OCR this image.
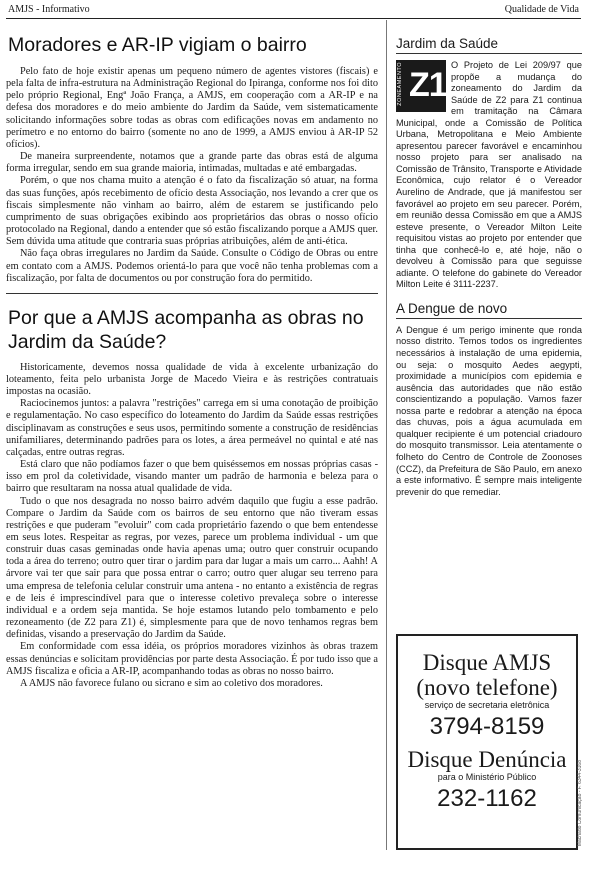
AMJS - Informativo	Qualidade de Vida
Moradores e AR-IP vigiam o bairro

Pelo fato de hoje existir apenas um pequeno número de agentes vistores (fiscais) e pela falta de infra-estrutura na Administração Regional do Ipiranga, conforme nos foi dito pelo próprio Regional, Engª João França, a AMJS, em cooperação com a AR-IP e na defesa dos moradores e do meio ambiente do Jardim da Saúde, vem sistematicamente solicitando informações sobre todas as obras com edificações novas em andamento no perímetro e no entorno do bairro (somente no ano de 1999, a AMJS enviou à AR-IP 52 ofícios).

De maneira surpreendente, notamos que a grande parte das obras está de alguma forma irregular, sendo em sua grande maioria, intimadas, multadas e até embargadas.

Porém, o que nos chama muito a atenção é o fato da fiscalização só atuar, na forma das suas funções, após recebimento de ofício desta Associação, nos levando a crer que os fiscais simplesmente não vinham ao bairro, além de estarem se justificando pelo cumprimento de suas obrigações exibindo aos proprietários das obras o nosso ofício protocolado na Regional, dando a entender que só estão fiscalizando porque a AMJS quer. Sem dúvida uma atitude que contraria suas próprias atribuições, além de anti-ética.

Não faça obras irregulares no Jardim da Saúde. Consulte o Código de Obras ou entre em contato com a AMJS. Podemos orientá-lo para que você não tenha problemas com a fiscalização, por falta de documentos ou por construção fora do permitido.

Por que a AMJS acompanha as obras no Jardim da Saúde?

Historicamente, devemos nossa qualidade de vida à excelente urbanização do loteamento, feita pelo urbanista Jorge de Macedo Vieira e às restrições contratuais impostas na ocasião.

Raciocinemos juntos: a palavra "restrições" carrega em si uma conotação de proibição e regulamentação. No caso específico do loteamento do Jardim da Saúde essas restrições disciplinavam as construções e seus usos, permitindo somente a construção de residências unifamiliares, determinando padrões para os lotes, a área permeável no quintal e até nas calçadas, entre outras regras.

Está claro que não podíamos fazer o que bem quiséssemos em nossas próprias casas - isso em prol da coletividade, visando manter um padrão de harmonia e beleza para o bairro que resultaram na nossa atual qualidade de vida.

Tudo o que nos desagrada no nosso bairro advém daquilo que fugiu a esse padrão. Compare o Jardim da Saúde com os bairros de seu entorno que não tiveram essas restrições e que puderam "evoluir" com cada proprietário fazendo o que bem entendesse em seus lotes. Respeitar as regras, por vezes, parece um problema individual - um que construir duas casas geminadas onde havia apenas uma; outro quer construir ocupando toda a área do terreno; outro quer tirar o jardim para dar lugar a mais um carro... Aahh! A árvore vai ter que sair para que possa entrar o carro; outro quer alugar seu terreno para uma empresa de telefonia celular construir uma antena - no entanto a existência de regras e de leis é imprescindível para que o interesse coletivo prevaleça sobre o interesse individual e a ordem seja mantida. Se hoje estamos lutando pelo tombamento e pelo rezoneamento (de Z2 para Z1) é, simplesmente para que de novo tenhamos regras bem definidas, visando a preservação do Jardim da Saúde.

Em conformidade com essa idéia, os próprios moradores vizinhos às obras trazem essas denúncias e solicitam providências por parte desta Associação. É por tudo isso que a AMJS fiscaliza e oficia a AR-IP, acompanhando todas as obras no nosso bairro.

A AMJS não favorece fulano ou sicrano e sim ao coletivo dos moradores.

Jardim da Saúde
ZONEAMENTO Z1

O Projeto de Lei 209/97 que propõe a mudança do zoneamento do Jardim da Saúde de Z2 para Z1 continua em tramitação na Câmara Municipal, onde a Comissão de Política Urbana, Metropolitana e Meio Ambiente apresentou parecer favorável e encaminhou nosso projeto para ser analisado na Comissão de Trânsito, Transporte e Atividade Econômica, cujo relator é o Vereador Aurelino de Andrade, que já manifestou ser favorável ao projeto em seu parecer. Porém, em reunião dessa Comissão em que a AMJS esteve presente, o Vereador Milton Leite requisitou vistas ao projeto por entender que tinha que conhecê-lo e, até hoje, não o devolveu à Comissão para que seguisse adiante. O telefone do gabinete do Vereador Milton Leite é 3111-2237.

A Dengue de novo

A Dengue é um perigo iminente que ronda nosso distrito. Temos todos os ingredientes necessários à instalação de uma epidemia, ou seja: o mosquito Aedes aegypti, proximidade a municípios com epidemia e ausência das autoridades que não estão conscientizando a população. Vamos fazer nossa parte e redobrar a atenção na época das chuvas, pois a água acumulada em qualquer recipiente é um potencial criadouro do mosquito transmissor. Leia atentamente o folheto do Centro de Controle de Zoonoses (CCZ), da Prefeitura de São Paulo, em anexo a este informativo. É sempre mais inteligente prevenir do que remediar.

Disque AMJS
(novo telefone)
serviço de secretaria eletrônica
3794-8159
Disque Denúncia
para o Ministério Público
232-1162	Machado Comunicação - F. 6344-3168
